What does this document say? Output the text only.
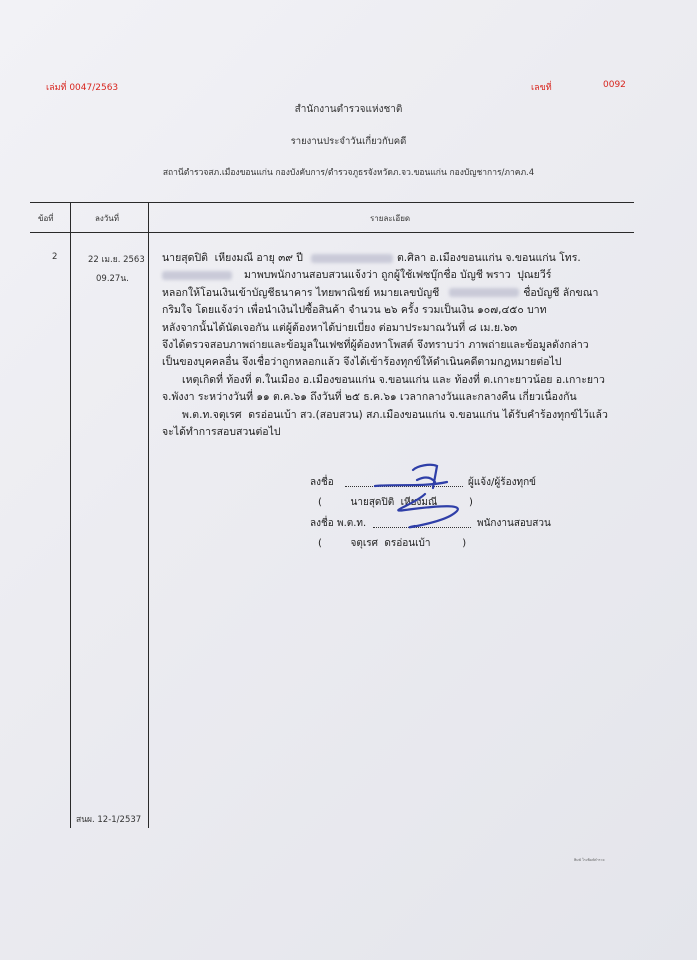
เล่มที่ 0047/2563	เลขที่	0092
สำนักงานตำรวจแห่งชาติ
รายงานประจำวันเกี่ยวกับคดี
สถานีตำรวจสภ.เมืองขอนแก่น กองบังคับการ/ตำรวจภูธรจังหวัดภ.จว.ขอนแก่น กองบัญชาการ/ภาคภ.4
ข้อที่	ลงวันที่	รายละเอียด
2	22 เม.ย. 2563
09.27น.
นายสุดปิติ  เหียงมณี อายุ ๓๙ ปี	ต.ศิลา อ.เมืองขอนแก่น จ.ขอนแก่น โทร.
มาพบพนักงานสอบสวนแจ้งว่า ถูกผู้ใช้เฟซบุ๊กชื่อ บัญชี พราว  ปุณยวีร์
หลอกให้โอนเงินเข้าบัญชีธนาคาร ไทยพาณิชย์ หมายเลขบัญชี	ชื่อบัญชี ลักขณา
กริมใจ โดยแจ้งว่า เพื่อนำเงินไปซื้อสินค้า จำนวน ๒๖ ครั้ง รวมเป็นเงิน ๑๐๗,๔๕๐ บาท
หลังจากนั้นได้นัดเจอกัน แต่ผู้ต้องหาได้บ่ายเบี่ยง ต่อมาประมาณวันที่ ๘ เม.ย.๖๓
จึงได้ตรวจสอบภาพถ่ายและข้อมูลในเฟซที่ผู้ต้องหาโพสต์ จึงทราบว่า ภาพถ่ายและข้อมูลดังกล่าว
เป็นของบุคคลอื่น จึงเชื่อว่าถูกหลอกแล้ว จึงได้เข้าร้องทุกข์ให้ดำเนินคดีตามกฎหมายต่อไป
เหตุเกิดที่ ท้องที่ ต.ในเมือง อ.เมืองขอนแก่น จ.ขอนแก่น และ ท้องที่ ต.เกาะยาวน้อย อ.เกาะยาว
จ.พังงา ระหว่างวันที่ ๑๑ ต.ค.๖๑ ถึงวันที่ ๒๕ ธ.ค.๖๑ เวลากลางวันและกลางคืน เกี่ยวเนื่องกัน
พ.ต.ท.จตุเรศ  ดรอ่อนเบ้า สว.(สอบสวน) สภ.เมืองขอนแก่น จ.ขอนแก่น ได้รับคำร้องทุกข์ไว้แล้ว
จะได้ทำการสอบสวนต่อไป
ลงชื่อ	ผู้แจ้ง/ผู้ร้องทุกข์
(         นายสุดปิติ  เหียงมณี          )
ลงชื่อ พ.ต.ท.	พนักงานสอบสวน
(         จตุเรศ  ดรอ่อนเบ้า          )
สนผ. 12-1/2537
พิมพ์ โรงพิมพ์ตำรวจ
